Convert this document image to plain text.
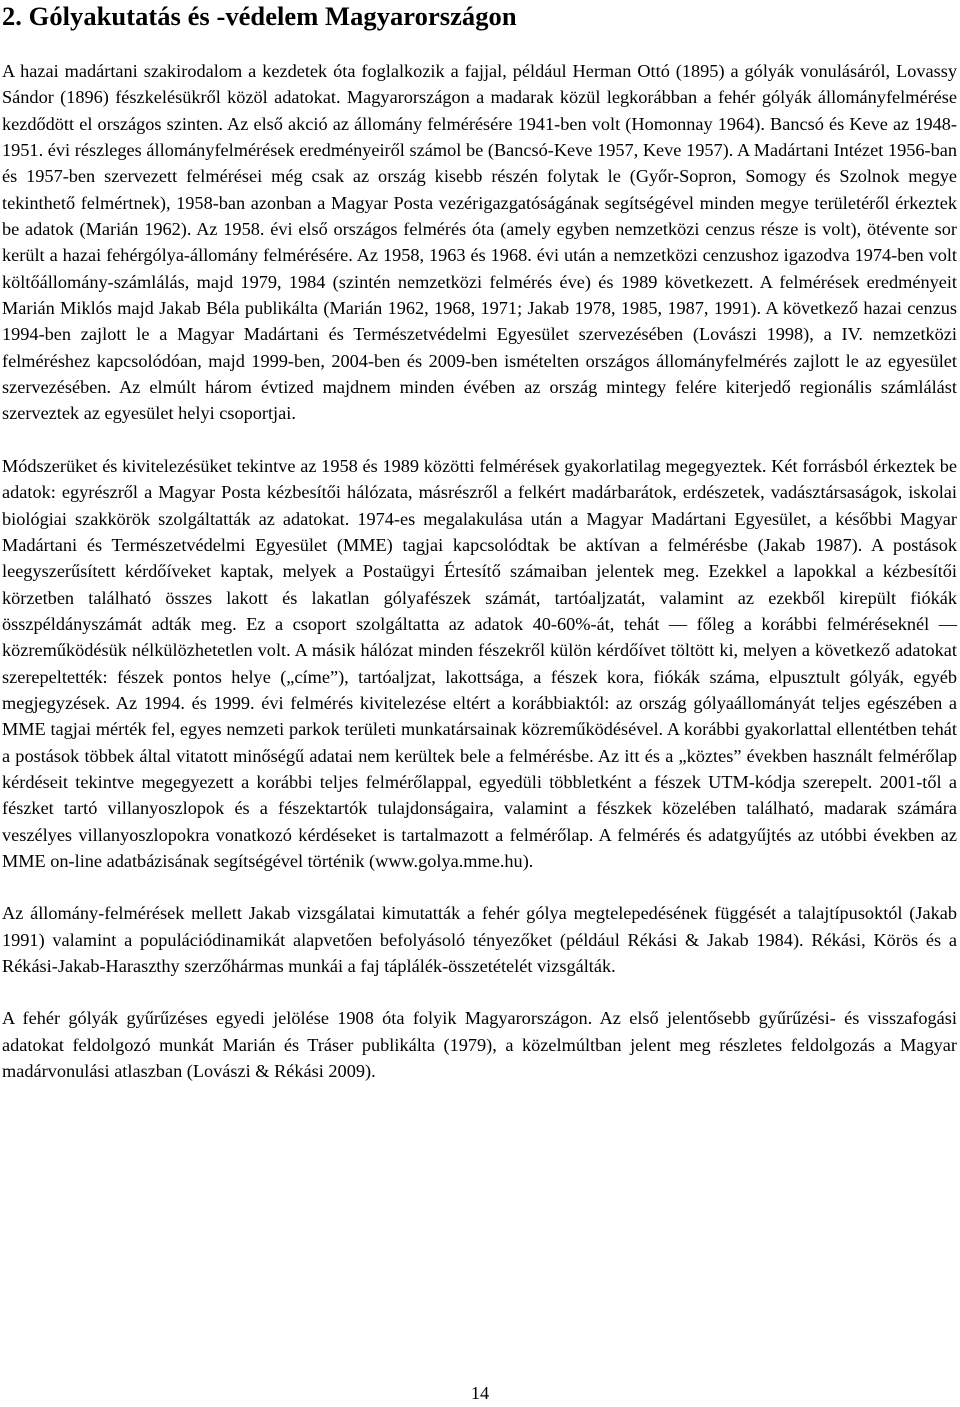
2. Gólyakutatás és -védelem Magyarországon

A hazai madártani szakirodalom a kezdetek óta foglalkozik a fajjal, például Herman Ottó (1895) a gólyák vonulásáról, Lovassy Sándor (1896) fészkelésükről közöl adatokat. Magyarországon a madarak közül legkorábban a fehér gólyák állományfelmérése kezdődött el országos szinten. Az első akció az állomány felmérésére 1941-ben volt (Homonnay 1964). Bancsó és Keve az 1948-1951. évi részleges állományfelmérések eredményeiről számol be (Bancsó-Keve 1957, Keve 1957). A Madártani Intézet 1956-ban és 1957-ben szervezett felmérései még csak az ország kisebb részén folytak le (Győr-Sopron, Somogy és Szolnok megye tekinthető felmértnek), 1958-ban azonban a Magyar Posta vezérigazgatóságának segítségével minden megye területéről érkeztek be adatok (Marián 1962). Az 1958. évi első országos felmérés óta (amely egyben nemzetközi cenzus része is volt), ötévente sor került a hazai fehérgólya-állomány felmérésére. Az 1958, 1963 és 1968. évi után a nemzetközi cenzushoz igazodva 1974-ben volt költőállomány-számlálás, majd 1979, 1984 (szintén nemzetközi felmérés éve) és 1989 következett. A felmérések eredményeit Marián Miklós majd Jakab Béla publikálta (Marián 1962, 1968, 1971; Jakab 1978, 1985, 1987, 1991). A következő hazai cenzus 1994-ben zajlott le a Magyar Madártani és Természetvédelmi Egyesület szervezésében (Lovászi 1998), a IV. nemzetközi felméréshez kapcsolódóan, majd 1999-ben, 2004-ben és 2009-ben ismételten országos állományfelmérés zajlott le az egyesület szervezésében. Az elmúlt három évtized majdnem minden évében az ország mintegy felére kiterjedő regionális számlálást szerveztek az egyesület helyi csoportjai.

Módszerüket és kivitelezésüket tekintve az 1958 és 1989 közötti felmérések gyakorlatilag megegyeztek. Két forrásból érkeztek be adatok: egyrészről a Magyar Posta kézbesítői hálózata, másrészről a felkért madárbarátok, erdészetek, vadásztársaságok, iskolai biológiai szakkörök szolgáltatták az adatokat. 1974-es megalakulása után a Magyar Madártani Egyesület, a későbbi Magyar Madártani és Természetvédelmi Egyesület (MME) tagjai kapcsolódtak be aktívan a felmérésbe (Jakab 1987). A postások leegyszerűsített kérdőíveket kaptak, melyek a Postaügyi Értesítő számaiban jelentek meg. Ezekkel a lapokkal a kézbesítői körzetben található összes lakott és lakatlan gólyafészek számát, tartóaljzatát, valamint az ezekből kirepült fiókák összpéldányszámát adták meg. Ez a csoport szolgáltatta az adatok 40-60%-át, tehát — főleg a korábbi felméréseknél — közreműködésük nélkülözhetetlen volt. A másik hálózat minden fészekről külön kérdőívet töltött ki, melyen a következő adatokat szerepeltették: fészek pontos helye („címe”), tartóaljzat, lakottsága, a fészek kora, fiókák száma, elpusztult gólyák, egyéb megjegyzések. Az 1994. és 1999. évi felmérés kivitelezése eltért a korábbiaktól: az ország gólyaállományát teljes egészében a MME tagjai mérték fel, egyes nemzeti parkok területi munkatársainak közreműködésével. A korábbi gyakorlattal ellentétben tehát a postások többek által vitatott minőségű adatai nem kerültek bele a felmérésbe. Az itt és a „köztes” években használt felmérőlap kérdéseit tekintve megegyezett a korábbi teljes felmérőlappal, egyedüli többletként a fészek UTM-kódja szerepelt. 2001-től a fészket tartó villanyoszlopok és a fészektartók tulajdonságaira, valamint a fészkek közelében található, madarak számára veszélyes villanyoszlopokra vonatkozó kérdéseket is tartalmazott a felmérőlap. A felmérés és adatgyűjtés az utóbbi években az MME on-line adatbázisának segítségével történik (www.golya.mme.hu).

Az állomány-felmérések mellett Jakab vizsgálatai kimutatták a fehér gólya megtelepedésének függését a talajtípusoktól (Jakab 1991) valamint a populációdinamikát alapvetően befolyásoló tényezőket (például Rékási & Jakab 1984). Rékási, Körös és a Rékási-Jakab-Haraszthy szerzőhármas munkái a faj táplálék-összetételét vizsgálták.

A fehér gólyák gyűrűzéses egyedi jelölése 1908 óta folyik Magyarországon. Az első jelentősebb gyűrűzési- és visszafogási adatokat feldolgozó munkát Marián és Tráser publikálta (1979), a közelmúltban jelent meg részletes feldolgozás a Magyar madárvonulási atlaszban (Lovászi & Rékási 2009).

14
